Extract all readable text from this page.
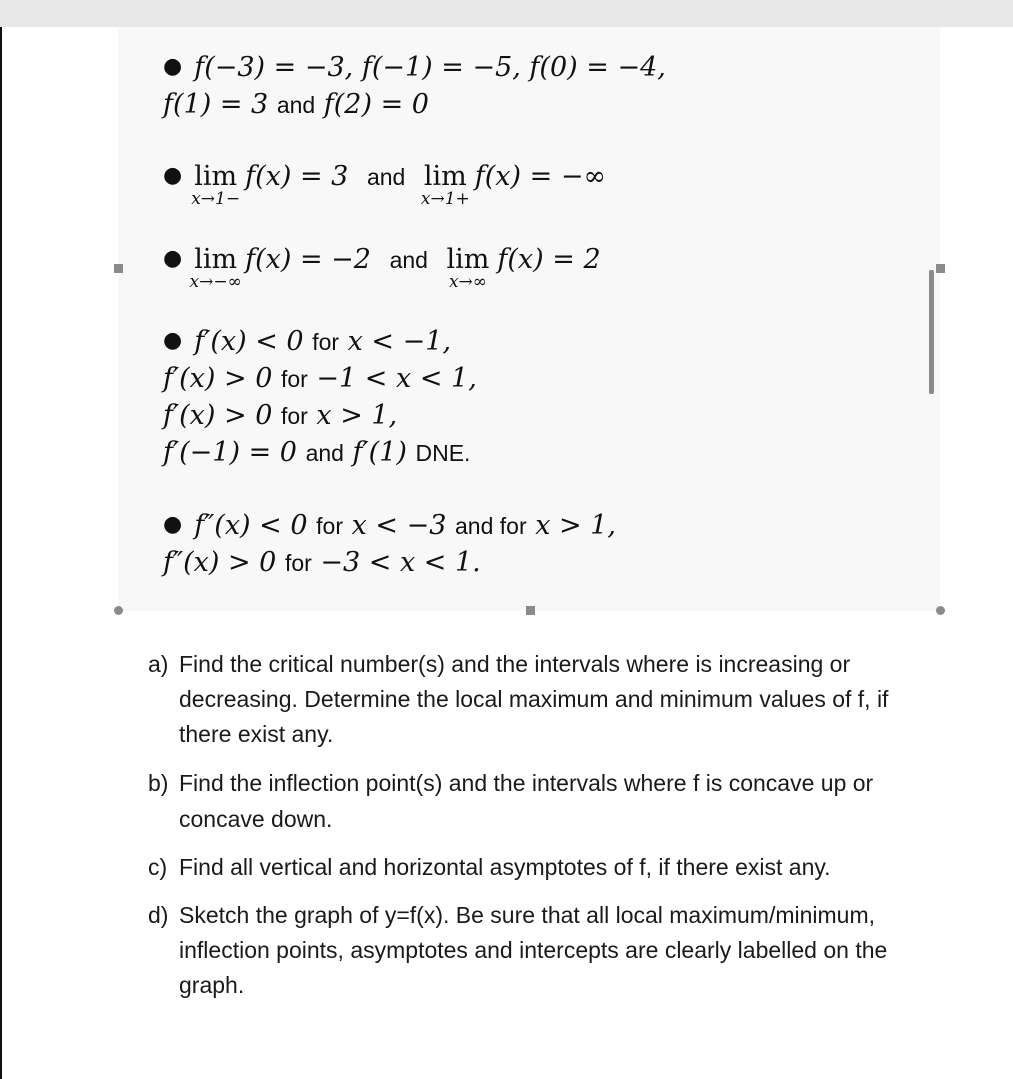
● f(−3) = −3, f(−1) = −5, f(0) = −4,
f(1) = 3 and f(2) = 0
● lim
x→1−
f(x) = 3 and lim
x→1+
f(x) = −∞
● lim
x→−∞
f(x) = −2 and lim
x→∞
f(x) = 2
● f′(x) < 0 for x < −1,
f′(x) > 0 for −1 < x < 1,
f′(x) > 0 for x > 1,
f′(−1) = 0 and f′(1) DNE.
● f″(x) < 0 for x < −3 and for x > 1,
f″(x) > 0 for −3 < x < 1.
a) Find the critical number(s) and the intervals where is increasing or decreasing. Determine the local maximum and minimum values of f, if there exist any.
b) Find the inflection point(s) and the intervals where f is concave up or concave down.
c) Find all vertical and horizontal asymptotes of f, if there exist any.
d) Sketch the graph of y=f(x). Be sure that all local maximum/minimum, inflection points, asymptotes and intercepts are clearly labelled on the graph.
